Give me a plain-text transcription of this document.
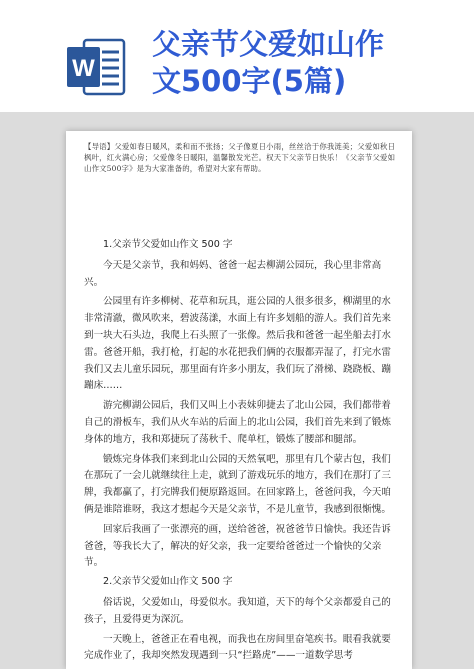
W
父亲节父爱如山作
文500字(5篇)

【导语】父爱如春日暖风，柔和而不张扬；父子像夏日小雨，丝丝洽于你我涟美；父爱如秋日枫叶，红火满心房；父爱像冬日暖阳，温馨散发光芒。权天下父亲节日快乐！《父亲节父爱如山作文500字》是为大家准备的，希望对大家有帮助。

1.父亲节父爱如山作文 500 字

今天是父亲节，我和妈妈、爸爸一起去柳湖公园玩，我心里非常高兴。

公园里有许多柳树、花草和玩具，逛公园的人很多很多，柳湖里的水非常清澈，微风吹来，碧波荡漾，水面上有许多划船的游人。我们首先来到一块大石头边，我爬上石头照了一张像。然后我和爸爸一起坐船去打水雷。爸爸开船，我打枪，打起的水花把我们俩的衣服都弄湿了，打完水雷我们又去儿童乐园玩，那里面有许多小朋友，我们玩了滑梯、跷跷板、蹦蹦床……

游完柳湖公园后，我们又叫上小表妹卯捷去了北山公园，我们都带着自己的滑板车，我们从火车站的后面上的北山公园，我们首先来到了锻炼身体的地方，我和郑捷玩了荡秋千、爬单杠，锻炼了腰部和腿部。

锻炼完身体我们来到北山公园的天然氧吧，那里有几个蒙古包，我们在那玩了一会儿就继续往上走，就到了游戏玩乐的地方，我们在那打了三牌，我都赢了，打完牌我们便原路返回。在回家路上，爸爸问我，今天咱俩是谁陪谁呀，我这才想起今天是父亲节，不是儿童节，我感到很惭愧。

回家后我画了一张漂亮的画，送给爸爸，祝爸爸节日愉快。我还告诉爸爸，等我长大了，解决的好父亲，我一定要给爸爸过一个愉快的父亲节。

2.父亲节父爱如山作文 500 字

俗话说，父爱如山，母爱似水。我知道，天下的每个父亲都爱自己的孩子，且爱得更为深沉。

一天晚上，爸爸正在看电视，而我也在房间里奋笔疾书。眼看我就要完成作业了，我却突然发现遇到一只“拦路虎”——一道数学思考
